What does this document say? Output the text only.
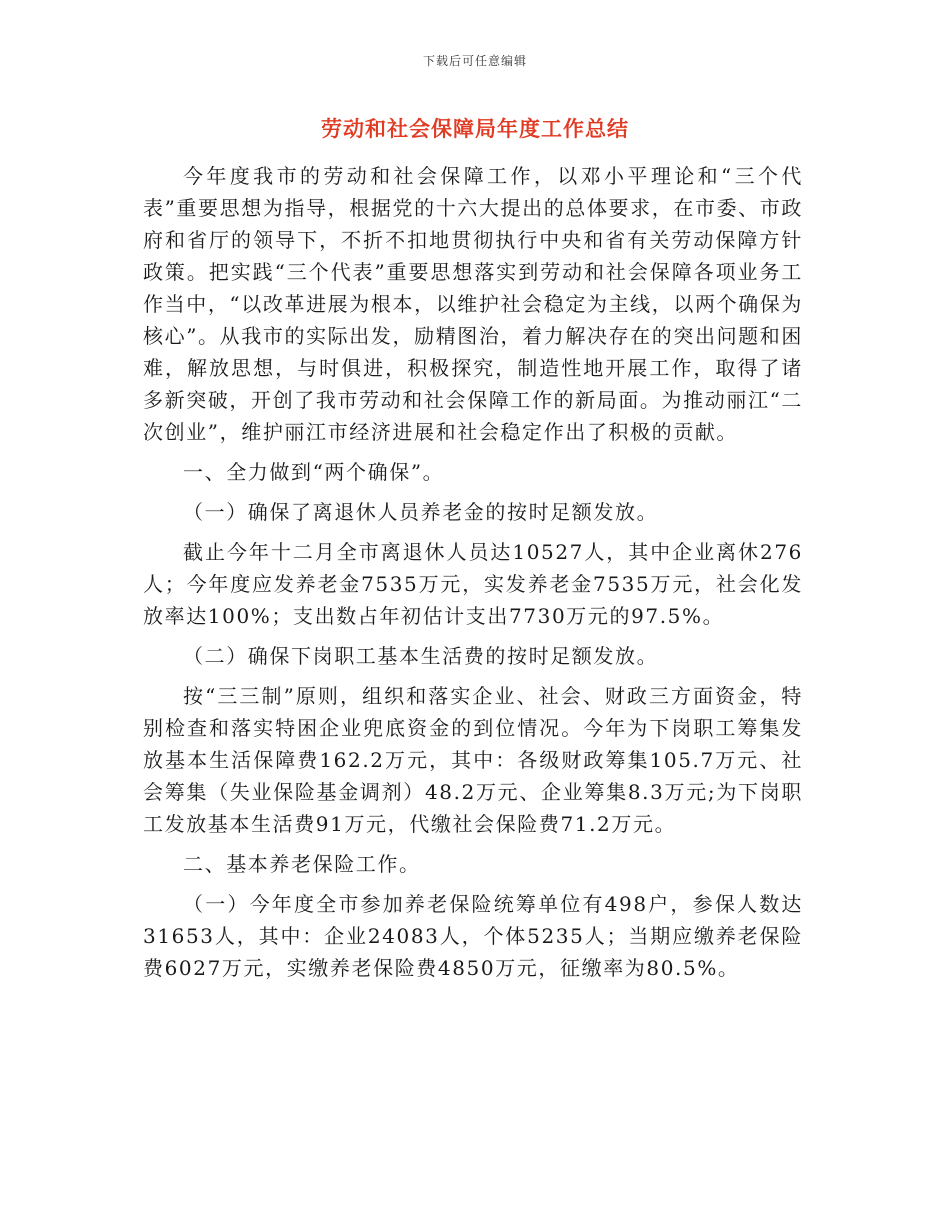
下载后可任意编辑
劳动和社会保障局年度工作总结

今年度我市的劳动和社会保障工作，以邓小平理论和“三个代表”重要思想为指导，根据党的十六大提出的总体要求，在市委、市政府和省厅的领导下，不折不扣地贯彻执行中央和省有关劳动保障方针政策。把实践“三个代表”重要思想落实到劳动和社会保障各项业务工作当中，“以改革进展为根本，以维护社会稳定为主线，以两个确保为核心”。从我市的实际出发，励精图治，着力解决存在的突出问题和困难，解放思想，与时俱进，积极探究，制造性地开展工作，取得了诸多新突破，开创了我市劳动和社会保障工作的新局面。为推动丽江“二次创业”，维护丽江市经济进展和社会稳定作出了积极的贡献。

一、全力做到“两个确保”。

（一）确保了离退休人员养老金的按时足额发放。

截止今年十二月全市离退休人员达10527人，其中企业离休276人；今年度应发养老金7535万元，实发养老金7535万元，社会化发放率达100%；支出数占年初估计支出7730万元的97.5%。

（二）确保下岗职工基本生活费的按时足额发放。

按“三三制”原则，组织和落实企业、社会、财政三方面资金，特别检查和落实特困企业兜底资金的到位情况。今年为下岗职工筹集发放基本生活保障费162.2万元，其中：各级财政筹集105.7万元、社会筹集（失业保险基金调剂）48.2万元、企业筹集8.3万元;为下岗职工发放基本生活费91万元，代缴社会保险费71.2万元。

二、基本养老保险工作。

（一）今年度全市参加养老保险统筹单位有498户，参保人数达31653人，其中：企业24083人，个体5235人；当期应缴养老保险费6027万元，实缴养老保险费4850万元，征缴率为80.5%。
